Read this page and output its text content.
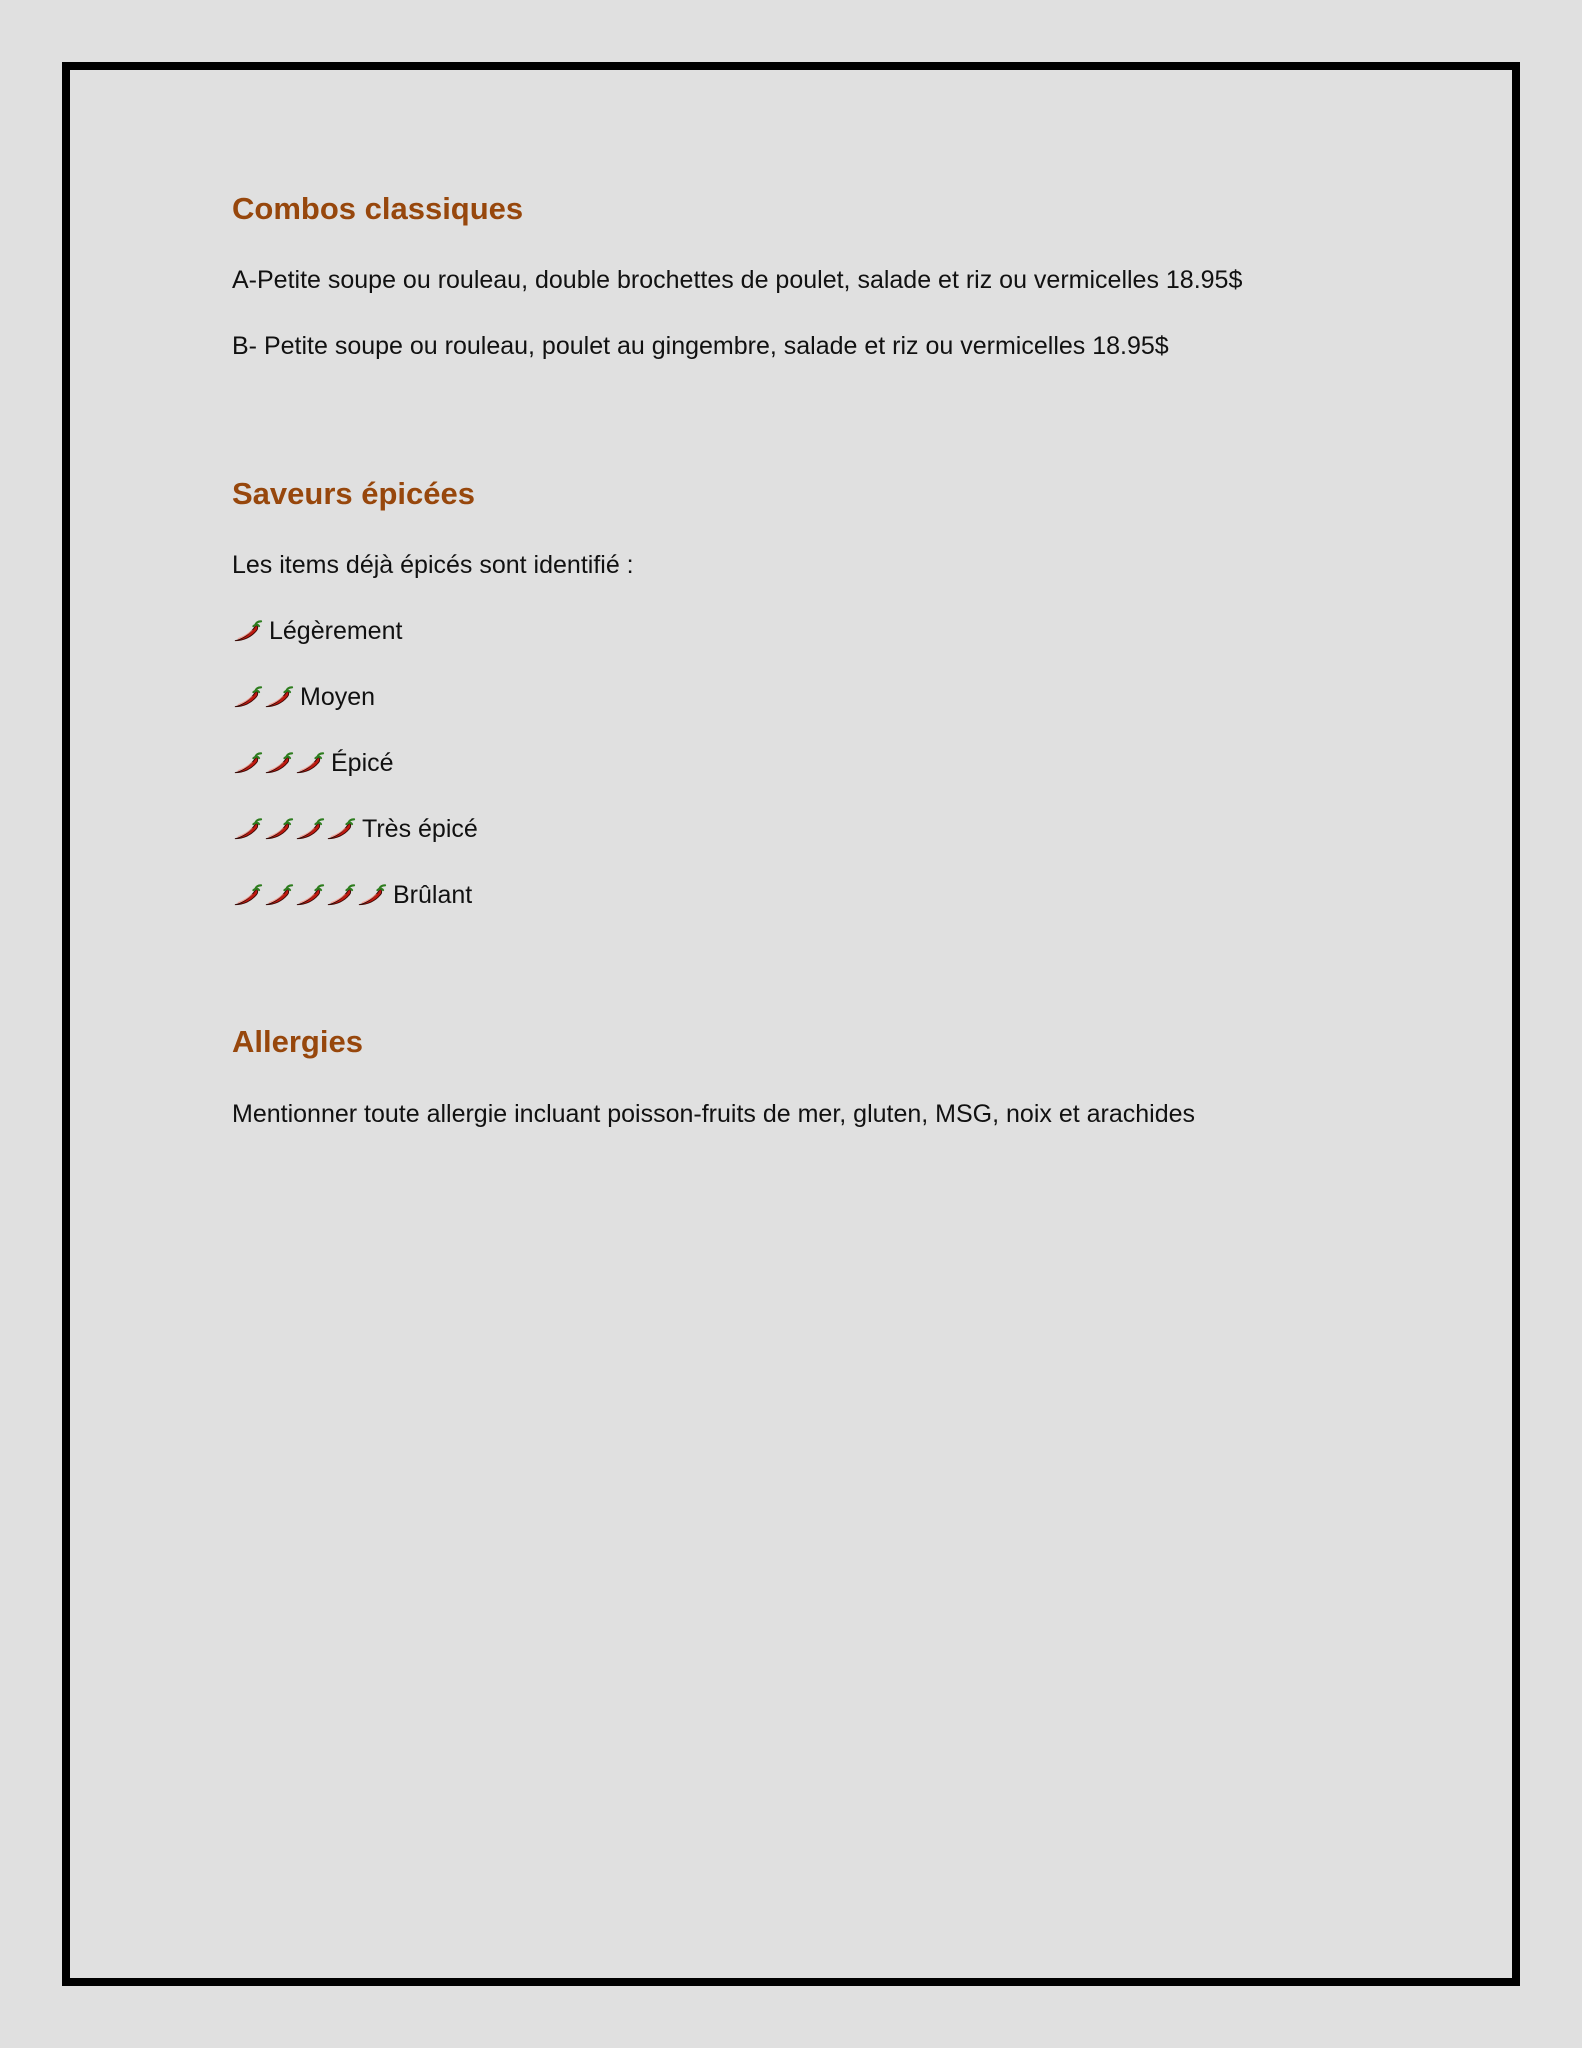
Combos classiques

A-Petite soupe ou rouleau, double brochettes de poulet, salade et riz ou vermicelles 18.95$

B- Petite soupe ou rouleau, poulet au gingembre, salade et riz ou vermicelles 18.95$

Saveurs épicées

Les items déjà épicés sont identifié :

Légèrement
Moyen
Épicé
Très épicé
Brûlant
Allergies

Mentionner toute allergie incluant poisson-fruits de mer, gluten, MSG, noix et arachides
